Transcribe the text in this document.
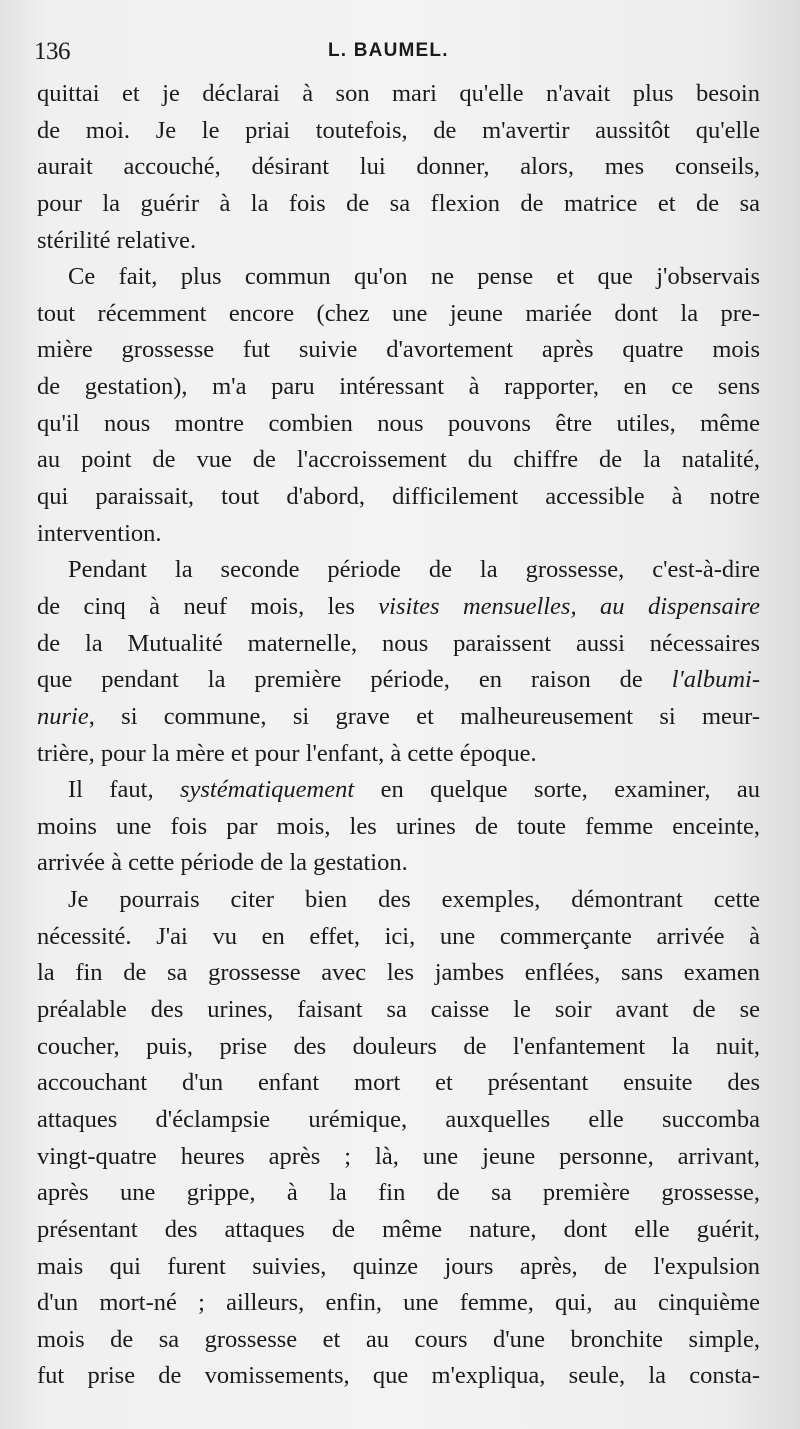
136	L. BAUMEL.
quittai et je déclarai à son mari qu'elle n'avait plus besoin
de moi. Je le priai toutefois, de m'avertir aussitôt qu'elle
aurait accouché, désirant lui donner, alors, mes conseils,
pour la guérir à la fois de sa flexion de matrice et de sa
stérilité relative.
Ce fait, plus commun qu'on ne pense et que j'observais
tout récemment encore (chez une jeune mariée dont la pre-
mière grossesse fut suivie d'avortement après quatre mois
de gestation), m'a paru intéressant à rapporter, en ce sens
qu'il nous montre combien nous pouvons être utiles, même
au point de vue de l'accroissement du chiffre de la natalité,
qui paraissait, tout d'abord, difficilement accessible à notre
intervention.
Pendant la seconde période de la grossesse, c'est-à-dire
de cinq à neuf mois, les visites mensuelles, au dispensaire
de la Mutualité maternelle, nous paraissent aussi nécessaires
que pendant la première période, en raison de l'albumi-
nurie, si commune, si grave et malheureusement si meur-
trière, pour la mère et pour l'enfant, à cette époque.
Il faut, systématiquement en quelque sorte, examiner, au
moins une fois par mois, les urines de toute femme enceinte,
arrivée à cette période de la gestation.
Je pourrais citer bien des exemples, démontrant cette
nécessité. J'ai vu en effet, ici, une commerçante arrivée à
la fin de sa grossesse avec les jambes enflées, sans examen
préalable des urines, faisant sa caisse le soir avant de se
coucher, puis, prise des douleurs de l'enfantement la nuit,
accouchant d'un enfant mort et présentant ensuite des
attaques d'éclampsie urémique, auxquelles elle succomba
vingt-quatre heures après ; là, une jeune personne, arrivant,
après une grippe, à la fin de sa première grossesse,
présentant des attaques de même nature, dont elle guérit,
mais qui furent suivies, quinze jours après, de l'expulsion
d'un mort-né ; ailleurs, enfin, une femme, qui, au cinquième
mois de sa grossesse et au cours d'une bronchite simple,
fut prise de vomissements, que m'expliqua, seule, la consta-
